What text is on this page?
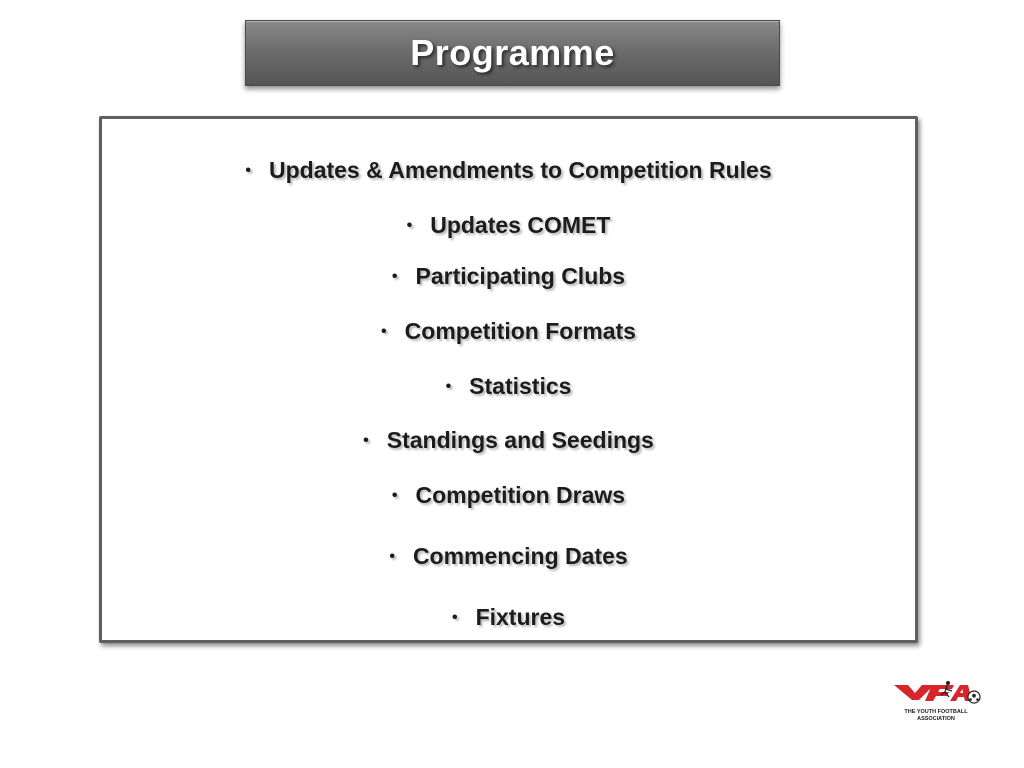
Programme
• Updates & Amendments to Competition Rules
• Updates COMET
• Participating Clubs
• Competition Formats
• Statistics
• Standings and Seedings
• Competition Draws
• Commencing Dates
• Fixtures
THE YOUTH FOOTBALL
ASSOCIATION
